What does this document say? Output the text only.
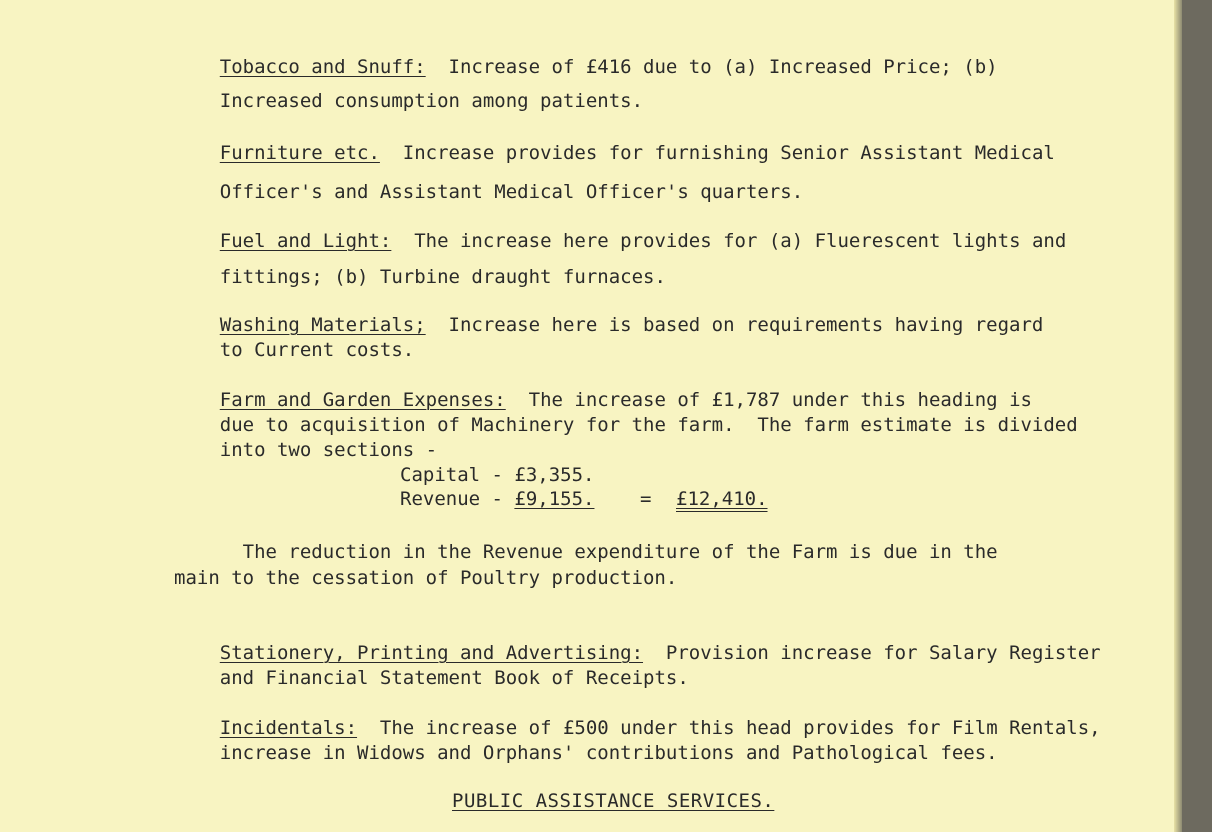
Tobacco and Snuff:  Increase of £416 due to (a) Increased Price; (b)

Increased consumption among patients.

Furniture etc.  Increase provides for furnishing Senior Assistant Medical

Officer's and Assistant Medical Officer's quarters.

Fuel and Light:  The increase here provides for (a) Fluerescent lights and

fittings; (b) Turbine draught furnaces.

Washing Materials;  Increase here is based on requirements having regard

to Current costs.

Farm and Garden Expenses:  The increase of £1,787 under this heading is

due to acquisition of Machinery for the farm.  The farm estimate is divided

into two sections -

Capital - £3,355.
Revenue - £9,155. = £12,410.
The reduction in the Revenue expenditure of the Farm is due in the
main to the cessation of Poultry production.

Stationery, Printing and Advertising:  Provision increase for Salary Register

and Financial Statement Book of Receipts.

Incidentals:  The increase of £500 under this head provides for Film Rentals,

increase in Widows and Orphans' contributions and Pathological fees.

PUBLIC ASSISTANCE SERVICES.
